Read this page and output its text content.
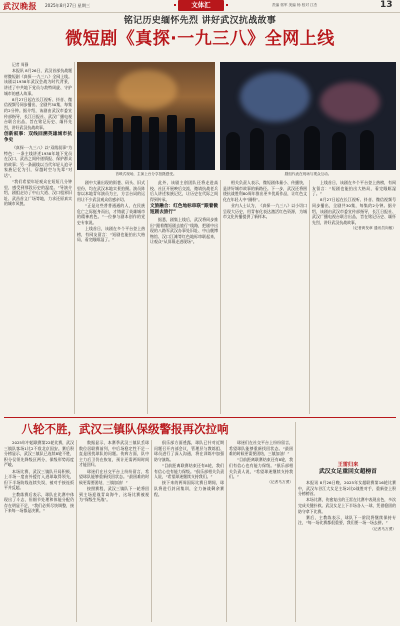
武汉晚报 2025年8月27日 星期三	文体汇	责编 郭军 美编 杨 校对 江杰	13
铭记历史缅怀先烈 讲好武汉抗战故事
微短剧《真探·一九三八》全网上线

记者 周静

本报讯 8月26日，武汉首部抗战题材微短剧《真探·一九三八》全网上线。该剧以1938年武汉会战为时代背景，讲述了中共地下党员与敌特周旋、守护城市的感人故事。

8月27日起在长江视听、抖音、微信视频号同步播出，全剧共30集，每集约2分钟。据介绍，该剧由武汉市委宣传部指导，长江日报社、武汉广播电视台联合出品，旨在铭记历史、缅怀先烈，讲好武汉抗战故事。

创新叙事：双线回溯英雄城市抗争史

《真探·一九三八》以“双线叙事”为特色：一条主线讲述1938年地下党员在汉口、武昌之间传递情报、保护群众的故事；另一条副线以当代年轻人追寻家族记忆为引，穿越时空与先辈“对话”。

“我们希望年轻观众在短短几分钟里，感受到那段历史的温度。”导演介绍，剧组走访了中山大道、汉口租界旧址、武昌首义广场等地，力求还原真实的城市风貌。

首映式现场，主演上台分享拍摄感受。	剧组代表在现场与观众互动。

剧中大量出现的街巷、码头、旧式里份，均在武汉本地实景拍摄。演员阵容以本地青年演员为主，方言台词的运用让不少武汉观众倍感亲切。

“正是这些普普通通的人，在民族危亡之际挺身而出，才铸就了英雄城市的精神底色。”一位参与剧本创作的党史专家说。

上线首日，该剧在多个平台登上热榜，有网友留言：“短剧也能拍出大格局，看完眼眶湿了。”

此外，该剧主创团队还将走进高校、社区开展映后交流，邀请抗战老兵后人讲述家族记忆，让历史在代际之间得到传承。

文旅融合：红色地标串联“跟着微短剧去旅行”

据悉，剧集上线后，武汉将同步推出“跟着微短剧去旅行”线路，把剧中出现的八路军武汉办事处旧址、中山舰博物馆、汉口江滩等红色地标串联起来，让观众“从屏幕走进现场”。

相关负责人表示，微短剧体量小、传播快，是讲好城市故事的新路径。下一步，武汉还将围绕抗战胜利80周年推出更多优质作品，让红色文化在年轻人中“圈粉”。

业内人士认为，《真探·一九三八》以小切口呈现大历史，用青春化表达激活红色资源，为城市文化传播提供了新样本。

上线首日，该剧在多个平台登上热榜，有网友留言：“短剧也能拍出大格局，看完眼眶湿了。”

8月27日起在长江视听、抖音、微信视频号同步播出，全剧共30集，每集约2分钟。据介绍，该剧由武汉市委宣传部指导，长江日报社、武汉广播电视台联合出品，旨在铭记历史、缅怀先烈，讲好武汉抗战故事。

（记者黄发章 通讯员向敏）

八轮不胜，武汉三镇队保级警报再次拉响

2025年中超联赛第22轮比赛，武汉三镇队客场1比2不敌北京国安。赛后积分榜显示，武汉三镇队已连续8轮不胜，积分仅领先降级区两分，保级形势再度严峻。

本场比赛，武汉三镇队开局积极，上半场一度由外援打入进球取得领先，但下半场防线连续失误，被对手接连扳平并反超。

主教练赛后表示，球队在比赛中体现出了斗志，但细节处理和体能分配仍存在明显不足，“我们必须尽快调整，接下来每一场都是决赛。”

数据显示，本赛季武汉三镇队丢球数位居联赛前列，中后场稳定性不足一直是困扰球队的问题。伤病方面，队中主力后卫仍在恢复，预计还需两周时间才能回归。

球迷们在社交平台上纷纷留言，希望球队能够重新找回状态。“最困难的时候更需要团结，三镇加油！”

按照赛程，武汉三镇队下一轮将回到主场迎战青岛海牛，这场比赛被视为“保级生死战”。

俱乐部方面透露，球队已针对近期问题召开内部会议，管理层与教练组、球员进行了深入沟通，将在训练中加强防守演练。

“目前距离联赛结束还有8轮，我们有信心也有能力保级。”俱乐部相关负责人说，“希望球迷继续支持我们。”

接下来的两周国际比赛日期间，球队将进行封闭集训，全力备战剩余赛程。

球迷们在社交平台上纷纷留言，希望球队能够重新找回状态。“最困难的时候更需要团结，三镇加油！”

“目前距离联赛结束还有8轮，我们有信心也有能力保级。”俱乐部相关负责人说，“希望球迷继续支持我们。”

（记者马万勇）

王雷归来
武汉女足重回女超榜首

本报讯 8月26日晚，2025年女超联赛第16轮比赛中，武汉车谷江大女足主场2比0战胜对手，重新登上积分榜榜首。

本场比赛，伤愈复出的王雷在比赛中表现出色，多次完成关键扑救。武汉女足上下半场各入一球，凭借稳固的防守拿下比赛。

赛后，主教练表示，球队下一阶段将继续保持专注，“每一场比赛都很重要，我们要一场一场去拼。”

（记者马万勇）
